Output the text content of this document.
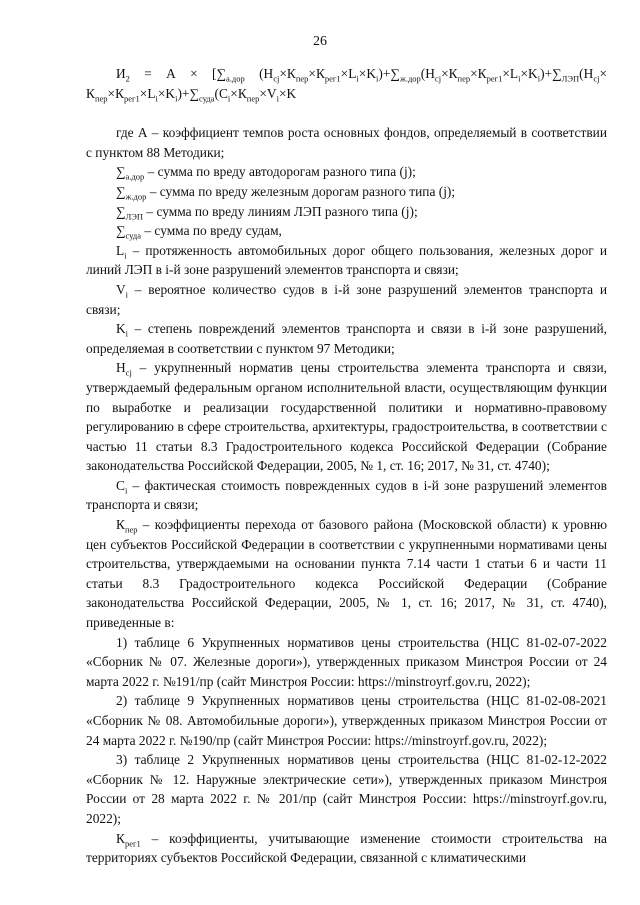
26

$И_2 = А \times [\sum_{а.дор}$ $(Н_{cj}\times К_{пер}\times К_{рег1}\times L_i\times K_i)+\sum_{ж.дор}(Н_{cj}\times К_{пер}\times К_{рег1}\times L_i\times K_i)+\sum_{ЛЭП}(Н_{cj}\times К_{пер}\times К_{рег1}\times L_i\times K_i)+\sum_{суда}(C_i\times К_{пер}\times V_i\times K$

где А – коэффициент темпов роста основных фондов, определяемый в соответствии с пунктом 88 Методики;

$\sum_{а.дор}$ – сумма по вреду автодорогам разного типа (j);

$\sum_{ж.дор}$ – сумма по вреду железным дорогам разного типа (j);

$\sum_{ЛЭП}$ – сумма по вреду линиям ЛЭП разного типа (j);

$\sum_{суда}$ – сумма по вреду судам,

$L_i$ – протяженность автомобильных дорог общего пользования, железных дорог и линий ЛЭП в i-й зоне разрушений элементов транспорта и связи;

$V_i$ – вероятное количество судов в i-й зоне разрушений элементов транспорта и связи;

$K_i$ – степень повреждений элементов транспорта и связи в i-й зоне разрушений, определяемая в соответствии с пунктом 97 Методики;

$Н_{cj}$ – укрупненный норматив цены строительства элемента транспорта и связи, утверждаемый федеральным органом исполнительной власти, осуществляющим функции по выработке и реализации государственной политики и нормативно-правовому регулированию в сфере строительства, архитектуры, градостроительства, в соответствии с частью 11 статьи 8.3 Градостроительного кодекса Российской Федерации (Собрание законодательства Российской Федерации, 2005, № 1, ст. 16; 2017, № 31, ст. 4740);

$C_i$ – фактическая стоимость поврежденных судов в i-й зоне разрушений элементов транспорта и связи;

$К_{пер}$ – коэффициенты перехода от базового района (Московской области) к уровню цен субъектов Российской Федерации в соответствии с укрупненными нормативами цены строительства, утверждаемыми на основании пункта 7.14 части 1 статьи 6 и части 11 статьи 8.3 Градостроительного кодекса Российской Федерации (Собрание законодательства Российской Федерации, 2005, № 1, ст. 16; 2017, № 31, ст. 4740), приведенные в:

1) таблице 6 Укрупненных нормативов цены строительства (НЦС 81-02-07-2022 «Сборник № 07. Железные дороги»), утвержденных приказом Минстроя России от 24 марта 2022 г. №191/пр (сайт Минстроя России: https://minstroyrf.gov.ru, 2022);

2) таблице 9 Укрупненных нормативов цены строительства (НЦС 81-02-08-2021 «Сборник № 08. Автомобильные дороги»), утвержденных приказом Минстроя России от 24 марта 2022 г. №190/пр (сайт Минстроя России: https://minstroyrf.gov.ru, 2022);

3) таблице 2 Укрупненных нормативов цены строительства (НЦС 81-02-12-2022 «Сборник № 12. Наружные электрические сети»), утвержденных приказом Минстроя России от 28 марта 2022 г. № 201/пр (сайт Минстроя России: https://minstroyrf.gov.ru, 2022);

$К_{рег1}$ – коэффициенты, учитывающие изменение стоимости строительства на территориях субъектов Российской Федерации, связанной с климатическими
